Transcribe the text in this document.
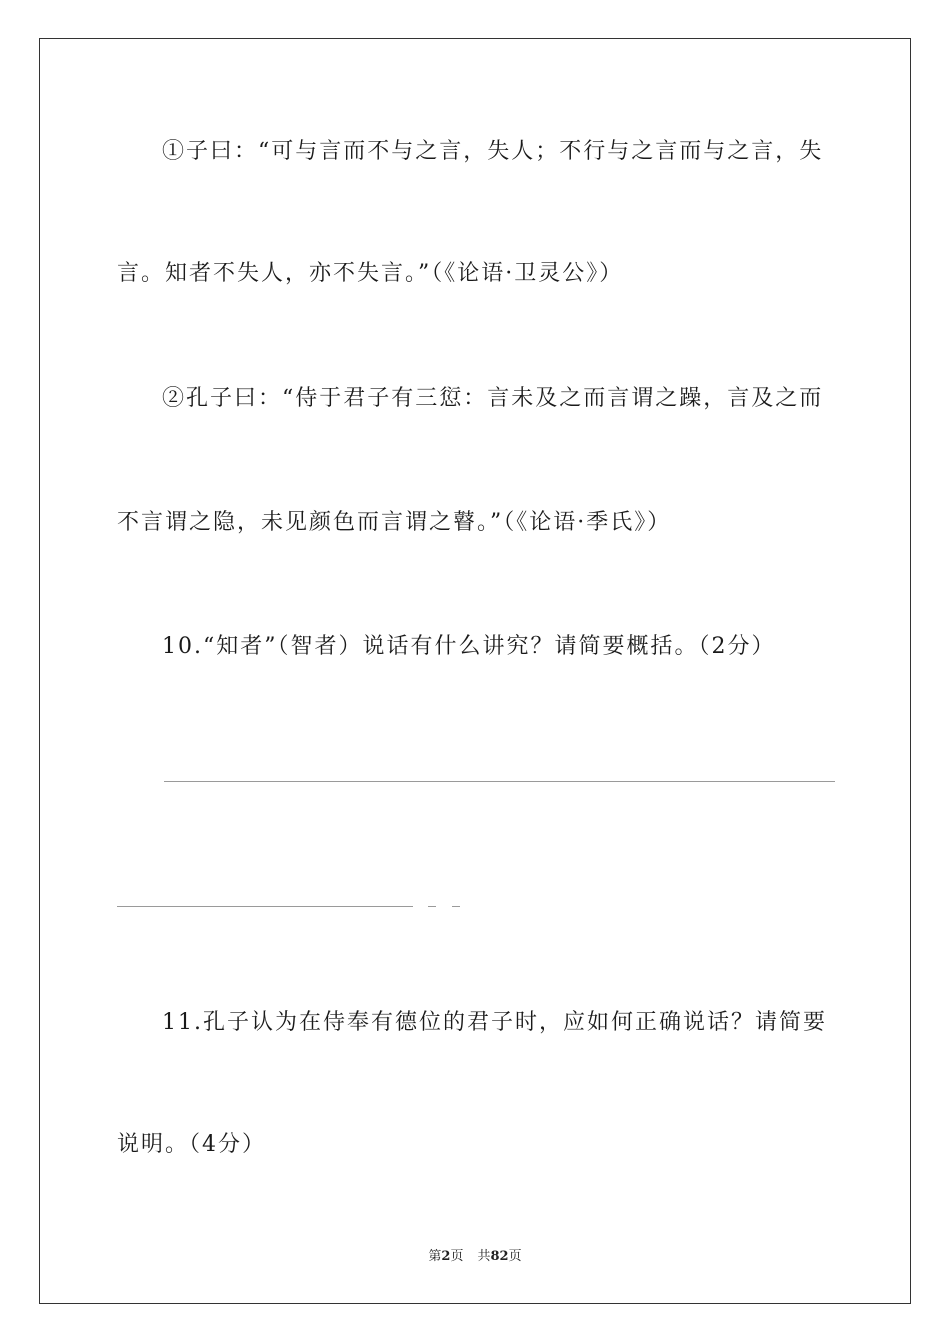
①子曰：“可与言而不与之言，失人；不行与之言而与之言，失
言。知者不失人，亦不失言。”（《论语·卫灵公》）
②孔子曰：“侍于君子有三愆：言未及之而言谓之躁，言及之而
不言谓之隐，未见颜色而言谓之瞽。”（《论语·季氏》）
10.“知者”（智者）说话有什么讲究？请简要概括。（2分）
11.孔子认为在侍奉有德位的君子时，应如何正确说话？请简要
说明。（4分）
第2页 共82页
